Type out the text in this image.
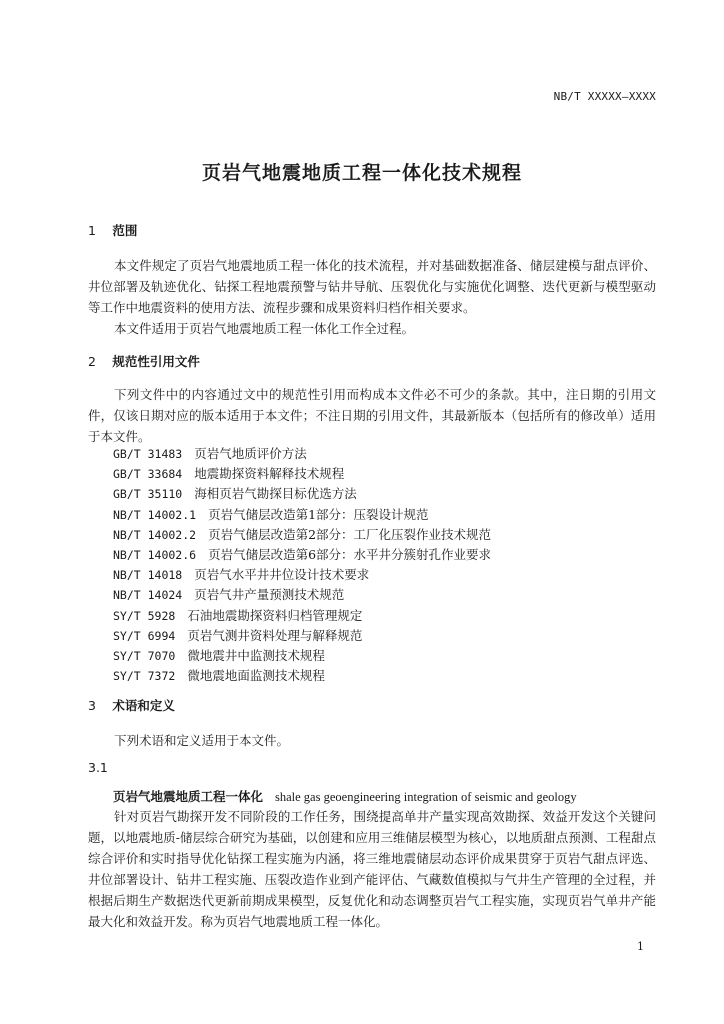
NB/T XXXXX—XXXX
页岩气地震地质工程一体化技术规程
1 范围
本文件规定了页岩气地震地质工程一体化的技术流程，并对基础数据准备、储层建模与甜点评价、井位部署及轨迹优化、钻探工程地震预警与钻井导航、压裂优化与实施优化调整、迭代更新与模型驱动等工作中地震资料的使用方法、流程步骤和成果资料归档作相关要求。
本文件适用于页岩气地震地质工程一体化工作全过程。
2 规范性引用文件
下列文件中的内容通过文中的规范性引用而构成本文件必不可少的条款。其中，注日期的引用文件，仅该日期对应的版本适用于本文件；不注日期的引用文件，其最新版本（包括所有的修改单）适用于本文件。
GB/T 31483 页岩气地质评价方法
GB/T 33684 地震勘探资料解释技术规程
GB/T 35110 海相页岩气勘探目标优选方法
NB/T 14002.1 页岩气储层改造第1部分：压裂设计规范
NB/T 14002.2 页岩气储层改造第2部分：工厂化压裂作业技术规范
NB/T 14002.6 页岩气储层改造第6部分：水平井分簇射孔作业要求
NB/T 14018 页岩气水平井井位设计技术要求
NB/T 14024 页岩气井产量预测技术规范
SY/T 5928 石油地震勘探资料归档管理规定
SY/T 6994 页岩气测井资料处理与解释规范
SY/T 7070 微地震井中监测技术规程
SY/T 7372 微地震地面监测技术规程
3 术语和定义
下列术语和定义适用于本文件。
3.1
页岩气地震地质工程一体化 shale gas geoengineering integration of seismic and geology
针对页岩气勘探开发不同阶段的工作任务，围绕提高单井产量实现高效勘探、效益开发这个关键问题，以地震地质-储层综合研究为基础，以创建和应用三维储层模型为核心，以地质甜点预测、工程甜点综合评价和实时指导优化钻探工程实施为内涵，将三维地震储层动态评价成果贯穿于页岩气甜点评选、井位部署设计、钻井工程实施、压裂改造作业到产能评估、气藏数值模拟与气井生产管理的全过程，并根据后期生产数据迭代更新前期成果模型，反复优化和动态调整页岩气工程实施，实现页岩气单井产能最大化和效益开发。称为页岩气地震地质工程一体化。
1
